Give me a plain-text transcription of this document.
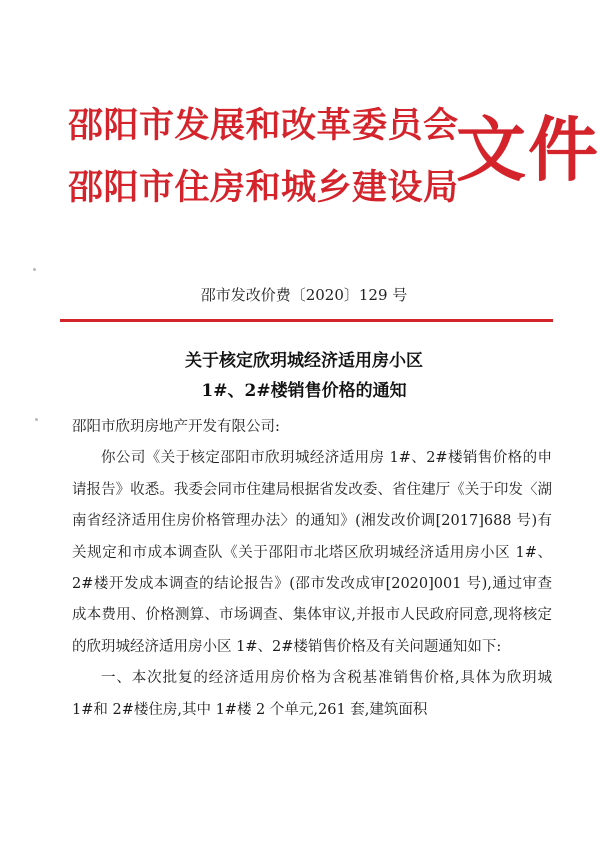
邵阳市发展和改革委员会
邵阳市住房和城乡建设局
文件
邵市发改价费〔2020〕129 号
关于核定欣玥城经济适用房小区
1#、2#楼销售价格的通知

邵阳市欣玥房地产开发有限公司:

你公司《关于核定邵阳市欣玥城经济适用房 1#、2#楼销售价格的申请报告》收悉。我委会同市住建局根据省发改委、省住建厅《关于印发〈湖南省经济适用住房价格管理办法〉的通知》(湘发改价调[2017]688 号)有关规定和市成本调查队《关于邵阳市北塔区欣玥城经济适用房小区 1#、2#楼开发成本调查的结论报告》(邵市发改成审[2020]001 号),通过审查成本费用、价格测算、市场调查、集体审议,并报市人民政府同意,现将核定的欣玥城经济适用房小区 1#、2#楼销售价格及有关问题通知如下:

一、本次批复的经济适用房价格为含税基准销售价格,具体为欣玥城 1#和 2#楼住房,其中 1#楼 2 个单元,261 套,建筑面积
